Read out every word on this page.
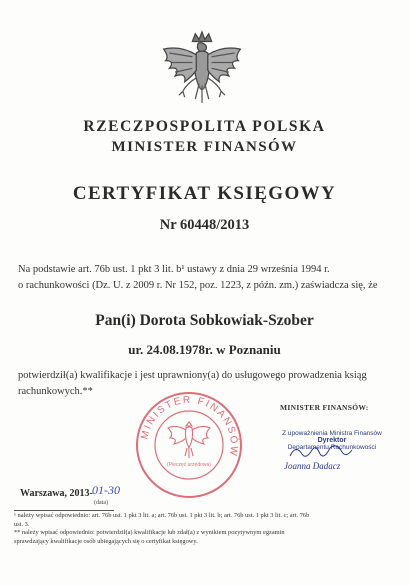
RZECZPOSPOLITA POLSKA
MINISTER FINANSÓW
CERTYFIKAT KSIĘGOWY
Nr 60448/2013
Na podstawie art. 76b ust. 1 pkt 3 lit. b¹ ustawy z dnia 29 września 1994 r.
o rachunkowości (Dz. U. z 2009 r. Nr 152, poz. 1223, z późn. zm.) zaświadcza się, że
Pan(i) Dorota Sobkowiak-Szober
ur. 24.08.1978r. w Poznaniu
potwierdził(a) kwalifikacje i jest uprawniony(a) do usługowego prowadzenia ksiąg
rachunkowych.**
MINISTER FINANSÓW
(Pieczęć urzędowa)
MINISTER FINANSÓW:
Z upoważnienia Ministra Finansów
Dyrektor
Departamentu Rachunkowości
Joanna Dadacz
Warszawa, 2013- 01-30
(data)
¹ należy wpisać odpowiednio: art. 76b ust. 1 pkt 3 lit. a; art. 76b ust. 1 pkt 3 lit. b; art. 76b ust. 1 pkt 3 lit. c; art. 76b
ust. 3.
** należy wpisać odpowiednio: potwierdził(a) kwalifikacje lub zdał(a) z wynikiem pozytywnym egzamin
sprawdzający kwalifikacje osób ubiegających się o certyfikat księgowy.
